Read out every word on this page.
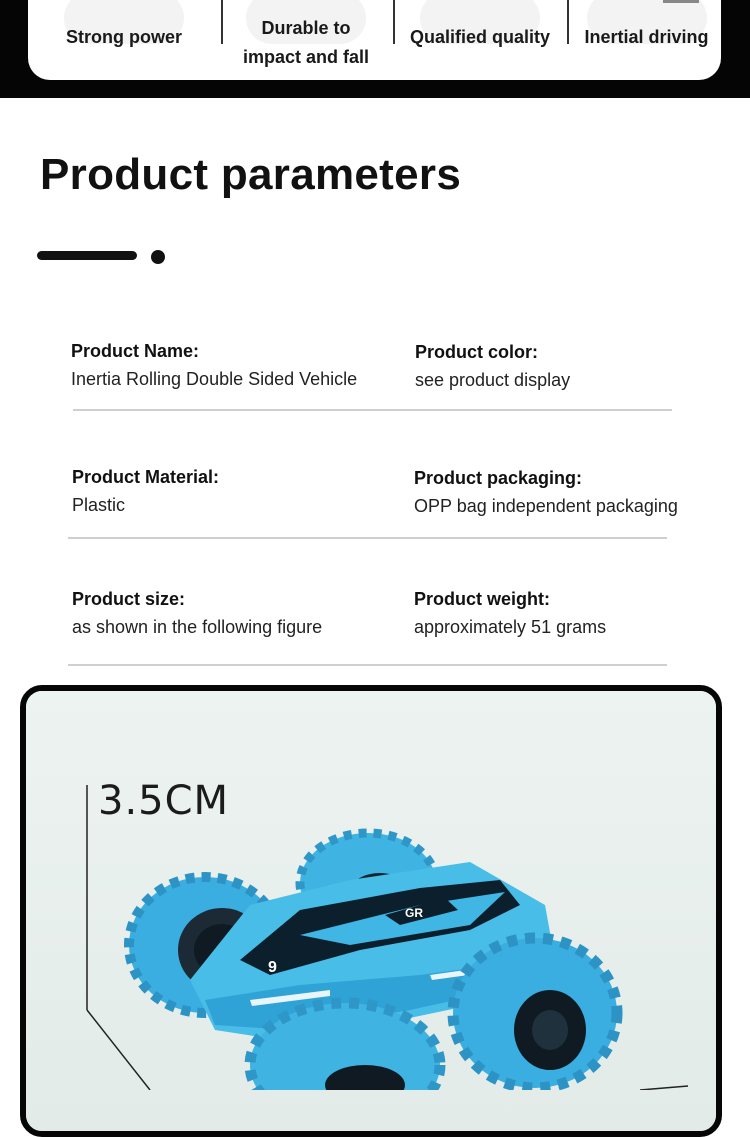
Strong power	Durable to
impact and fall
Qualified quality Inertial driving
Product parameters
Product Name:
Inertia Rolling Double Sided Vehicle
Product color:
see product display
Product Material:
Plastic
Product packaging:
OPP bag independent packaging
Product size:
as shown in the following figure
Product weight:
approximately 51 grams
GR
9
3.5CM
